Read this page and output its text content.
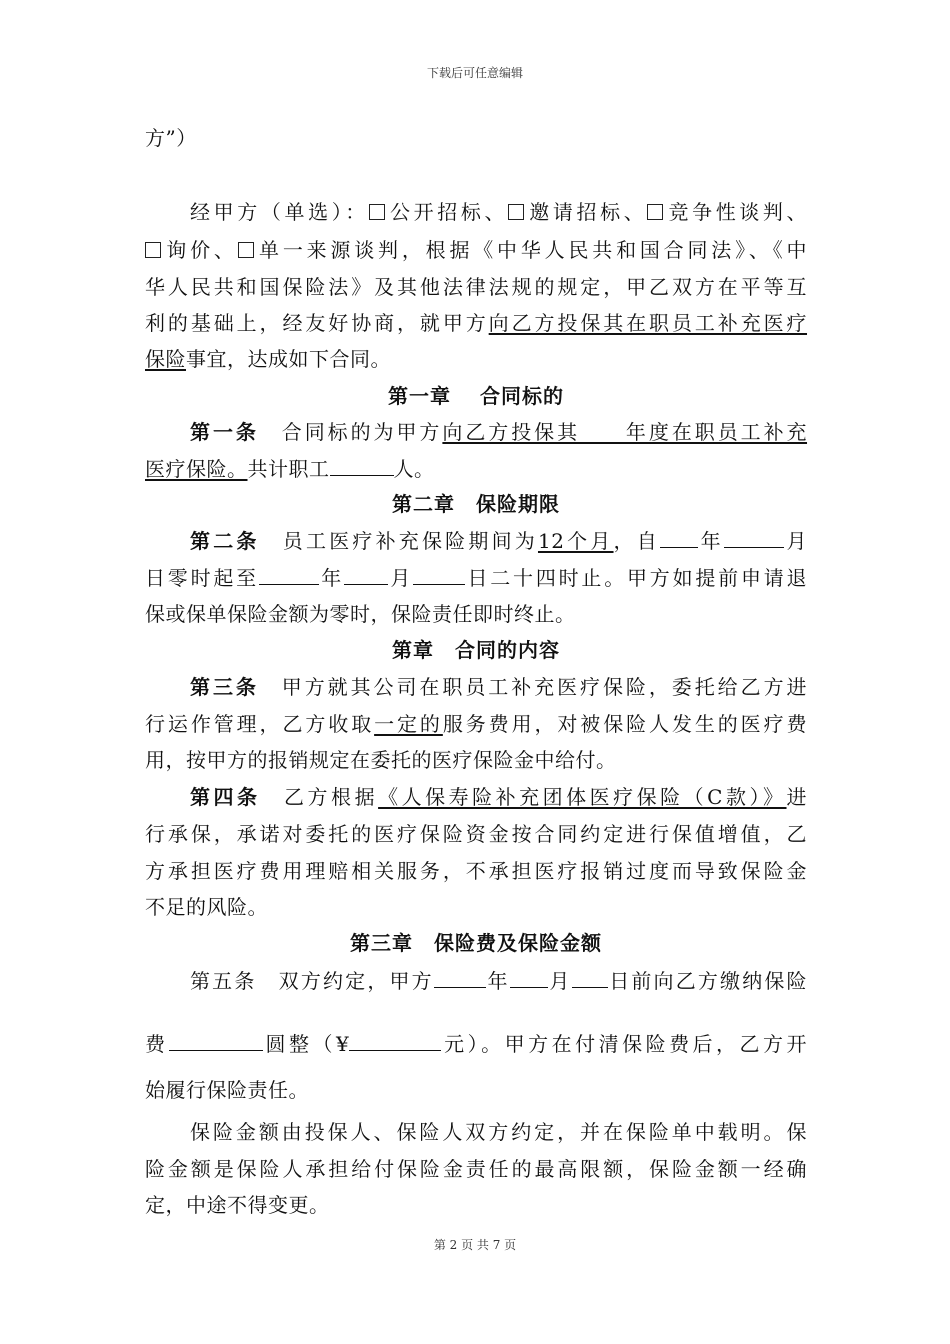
下载后可任意编辑
方”）
经甲方（单选）： 公开招标、 邀请招标、 竞争性谈判、
询价、 单一来源谈判，根据《中华人民共和国合同法》、《中
华人民共和国保险法》及其他法律法规的规定，甲乙双方在平等互
利的基础上，经友好协商，就甲方向乙方投保其在职员工补充医疗
保险事宜，达成如下合同。
第一章　 合同标的
第一条　 合同标的为甲方向乙方投保其　　年度在职员工补充
医疗保险。共计职工	人。
第二章　保险期限
第二条　 员工医疗补充保险期间为12个月，自 年	月
日零时起至	年 月	日二十四时止。甲方如提前申请退
保或保单保险金额为零时，保险责任即时终止。
第章　合同的内容
第三条　 甲方就其公司在职员工补充医疗保险，委托给乙方进
行运作管理，乙方收取一定的服务费用，对被保险人发生的医疗费
用，按甲方的报销规定在委托的医疗保险金中给付。
第四条　 乙方根据《人保寿险补充团体医疗保险（C款）》进
行承保，承诺对委托的医疗保险资金按合同约定进行保值增值，乙
方承担医疗费用理赔相关服务，不承担医疗报销过度而导致保险金
不足的风险。
第三章　保险费及保险金额
第五条　 双方约定，甲方	年 月 日前向乙方缴纳保险
费	圆整（¥	元）。甲方在付清保险费后，乙方开
始履行保险责任。
保险金额由投保人、保险人双方约定，并在保险单中载明。保
险金额是保险人承担给付保险金责任的最高限额，保险金额一经确
定，中途不得变更。
第 2 页 共 7 页
